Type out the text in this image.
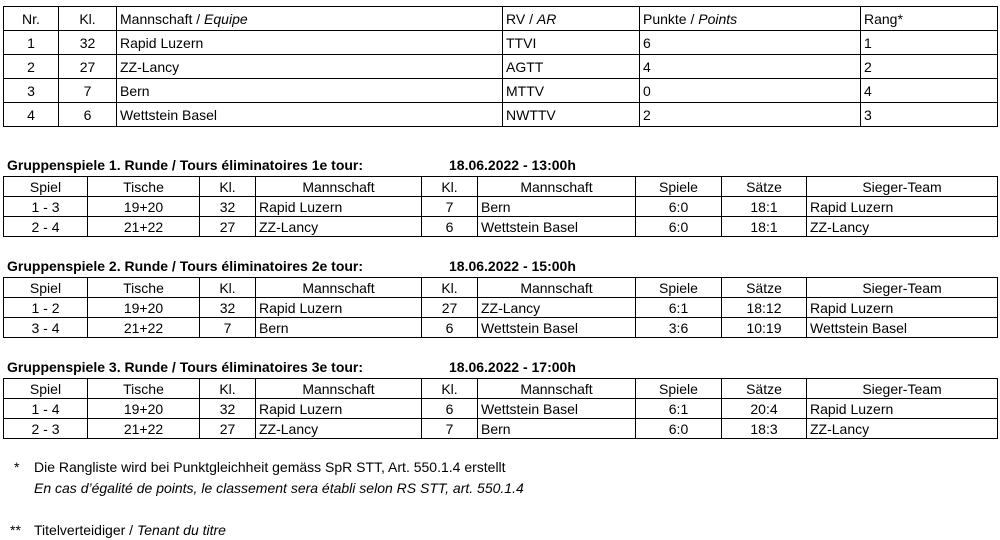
Nr.	Kl.	Mannschaft / Equipe	RV / AR	Punkte / Points	Rang*
1	32	Rapid Luzern	TTVI	6	1
2	27	ZZ-Lancy	AGTT	4	2
3	7	Bern	MTTV	0	4
4	6	Wettstein Basel	NWTTV	2	3
Gruppenspiele 1. Runde / Tours éliminatoires 1e tour:	18.06.2022 - 13:00h
Spiel	Tische	Kl.	Mannschaft	Kl.	Mannschaft	Spiele	Sätze	Sieger-Team
1 - 3	19+20	32	Rapid Luzern	7	Bern	6:0	18:1	Rapid Luzern
2 - 4	21+22	27	ZZ-Lancy	6	Wettstein Basel	6:0	18:1	ZZ-Lancy
Gruppenspiele 2. Runde / Tours éliminatoires 2e tour:	18.06.2022 - 15:00h
Spiel	Tische	Kl.	Mannschaft	Kl.	Mannschaft	Spiele	Sätze	Sieger-Team
1 - 2	19+20	32	Rapid Luzern	27	ZZ-Lancy	6:1	18:12	Rapid Luzern
3 - 4	21+22	7	Bern	6	Wettstein Basel	3:6	10:19	Wettstein Basel
Gruppenspiele 3. Runde / Tours éliminatoires 3e tour:	18.06.2022 - 17:00h
Spiel	Tische	Kl.	Mannschaft	Kl.	Mannschaft	Spiele	Sätze	Sieger-Team
1 - 4	19+20	32	Rapid Luzern	6	Wettstein Basel	6:1	20:4	Rapid Luzern
2 - 3	21+22	27	ZZ-Lancy	7	Bern	6:0	18:3	ZZ-Lancy
* Die Rangliste wird bei Punktgleichheit gemäss SpR STT, Art. 550.1.4 erstellt
En cas d’égalité de points, le classement sera établi selon RS STT, art. 550.1.4
** Titelverteidiger / Tenant du titre
